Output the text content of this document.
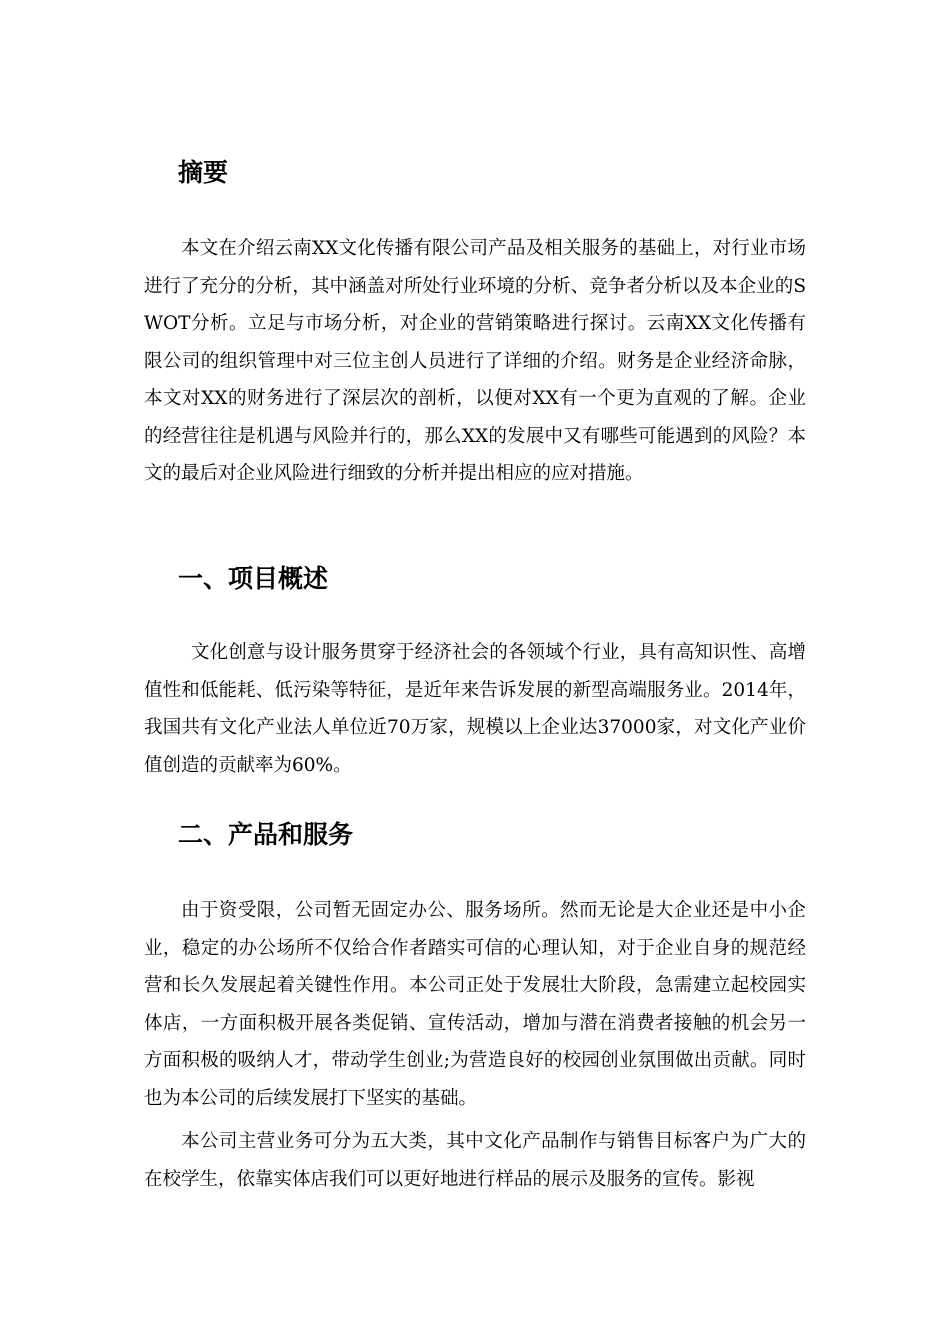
摘要

本文在介绍云南XX文化传播有限公司产品及相关服务的基础上，对行业市场进行了充分的分析，其中涵盖对所处行业环境的分析、竞争者分析以及本企业的SWOT分析。立足与市场分析，对企业的营销策略进行探讨。云南XX文化传播有限公司的组织管理中对三位主创人员进行了详细的介绍。财务是企业经济命脉，本文对XX的财务进行了深层次的剖析，以便对XX有一个更为直观的了解。企业的经营往往是机遇与风险并行的，那么XX的发展中又有哪些可能遇到的风险？本文的最后对企业风险进行细致的分析并提出相应的应对措施。

一、项目概述

文化创意与设计服务贯穿于经济社会的各领域个行业，具有高知识性、高增值性和低能耗、低污染等特征，是近年来告诉发展的新型高端服务业。2014年，我国共有文化产业法人单位近70万家，规模以上企业达37000家，对文化产业价值创造的贡献率为60%。

二、产品和服务

由于资受限，公司暂无固定办公、服务场所。然而无论是大企业还是中小企业，稳定的办公场所不仅给合作者踏实可信的心理认知，对于企业自身的规范经营和长久发展起着关键性作用。本公司正处于发展壮大阶段，急需建立起校园实体店，一方面积极开展各类促销、宣传活动，增加与潜在消费者接触的机会另一方面积极的吸纳人才，带动学生创业;为营造良好的校园创业氛围做出贡献。同时也为本公司的后续发展打下坚实的基础。

本公司主营业务可分为五大类，其中文化产品制作与销售目标客户为广大的在校学生，依靠实体店我们可以更好地进行样品的展示及服务的宣传。影视
